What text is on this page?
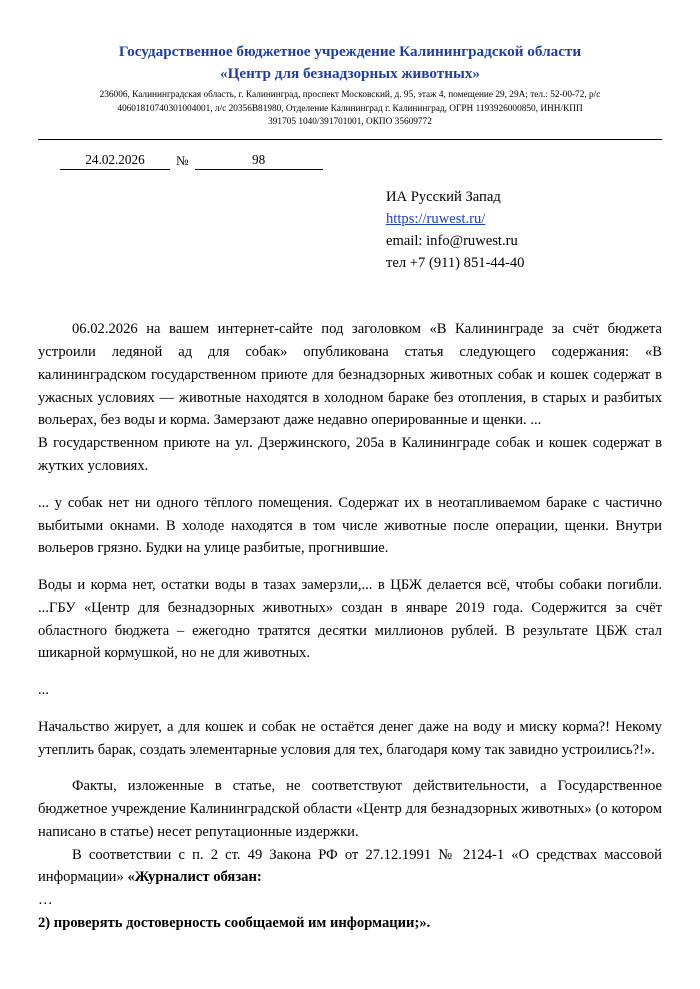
Государственное бюджетное учреждение Калининградской области
«Центр для безнадзорных животных»
236006, Калининградская область, г. Калининград, проспект Московский, д. 95, этаж 4, помещение 29, 29А; тел.: 52-00-72, р/с
40601810740301004001, л/с 20356В81980, Отделение Калининград г. Калининград, ОГРН 1193926000850, ИНН/КПП
391705 1040/391701001, ОКПО 35609772
24.02.2026	№	98
ИА Русский Запад
https://ruwest.ru/
email: info@ruwest.ru
тел +7 (911) 851-44-40

06.02.2026 на вашем интернет-сайте под заголовком «В Калининграде за счёт бюджета устроили ледяной ад для собак» опубликована статья следующего содержания: «В калининградском государственном приюте для безнадзорных животных собак и кошек содержат в ужасных условиях — животные находятся в холодном бараке без отопления, в старых и разбитых вольерах, без воды и корма. Замерзают даже недавно оперированные и щенки. ...

В государственном приюте на ул. Дзержинского, 205а в Калининграде собак и кошек содержат в жутких условиях.

... у собак нет ни одного тёплого помещения. Содержат их в неотапливаемом бараке с частично выбитыми окнами. В холоде находятся в том числе животные после операции, щенки. Внутри вольеров грязно. Будки на улице разбитые, прогнившие.

Воды и корма нет, остатки воды в тазах замерзли,... в ЦБЖ делается всё, чтобы собаки погибли. ...ГБУ «Центр для безнадзорных животных» создан в январе 2019 года. Содержится за счёт областного бюджета – ежегодно тратятся десятки миллионов рублей. В результате ЦБЖ стал шикарной кормушкой, но не для животных.

...

Начальство жирует, а для кошек и собак не остаётся денег даже на воду и миску корма?! Некому утеплить барак, создать элементарные условия для тех, благодаря кому так завидно устроились?!».

Факты, изложенные в статье, не соответствуют действительности, а Государственное бюджетное учреждение Калининградской области «Центр для безнадзорных животных» (о котором написано в статье) несет репутационные издержки.

В соответствии с п. 2 ст. 49 Закона РФ от 27.12.1991 № 2124-1 «О средствах массовой информации» «Журналист обязан:

…

2) проверять достоверность сообщаемой им информации;».
